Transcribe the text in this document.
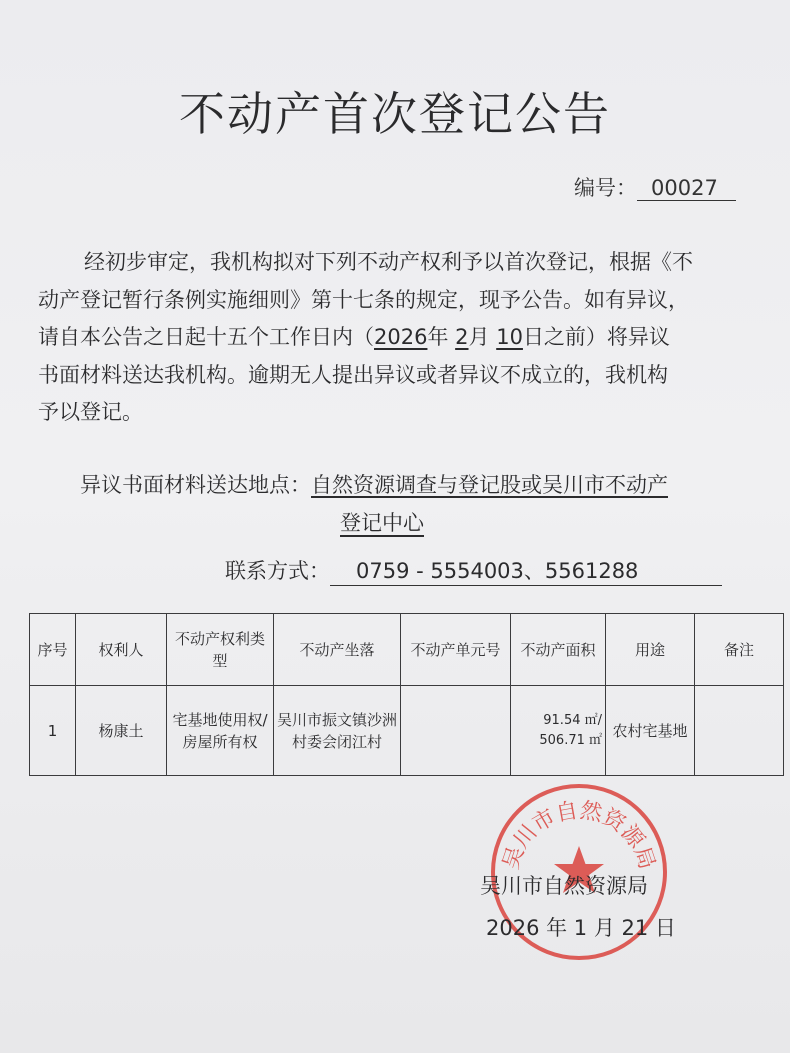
不动产首次登记公告
编号： 00027
经初步审定，我机构拟对下列不动产权利予以首次登记，根据《不
动产登记暂行条例实施细则》第十七条的规定，现予公告。如有异议，
请自本公告之日起十五个工作日内（2026年 2月 10日之前）将异议
书面材料送达我机构。逾期无人提出异议或者异议不成立的，我机构
予以登记。
异议书面材料送达地点：自然资源调查与登记股或吴川市不动产
登记中心
联系方式： 0759 - 5554003、5561288
序号	权利人	不动产权利类型	不动产坐落	不动产单元号	不动产面积	用途	备注
1	杨康土	宅基地使用权/房屋所有权	吴川市振文镇沙洲村委会闭江村		91.54 ㎡/
506.71 ㎡	农村宅基地	
吴川市自然资源局
吴川市自然资源局
2026 年 1 月 21 日
